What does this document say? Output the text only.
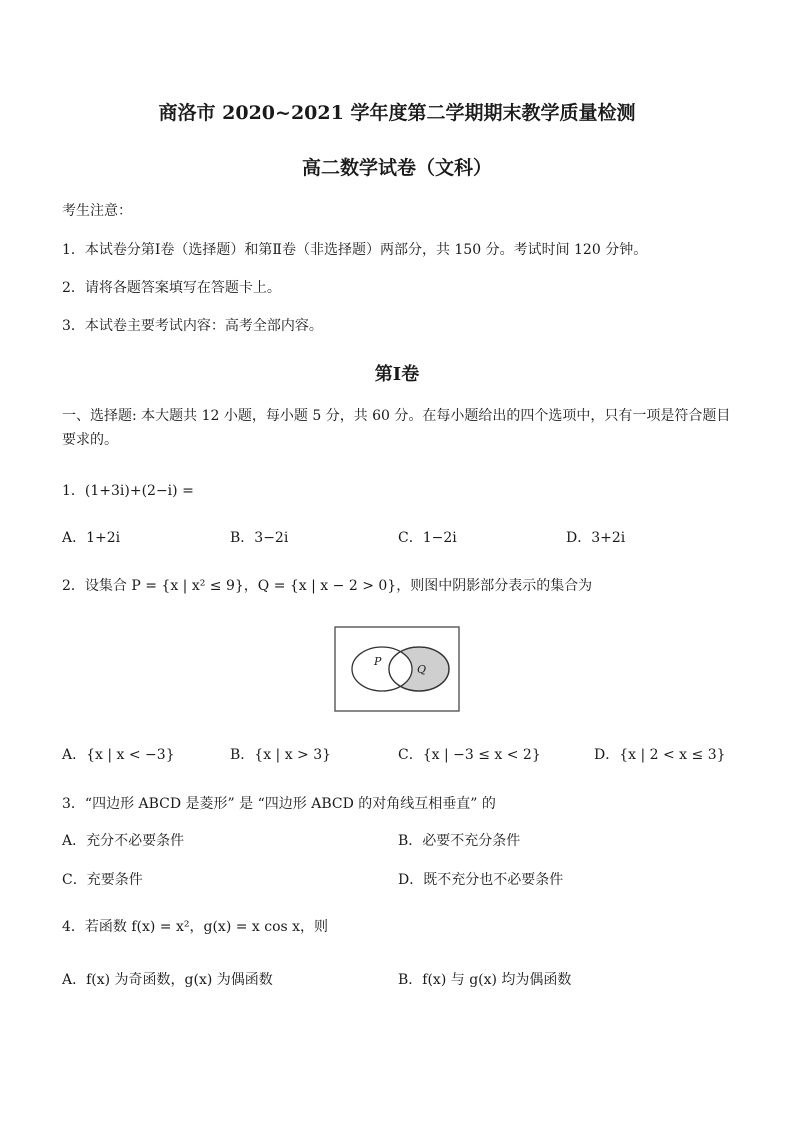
商洛市 2020~2021 学年度第二学期期末教学质量检测
高二数学试卷（文科）
考生注意：
1．本试卷分第Ⅰ卷（选择题）和第Ⅱ卷（非选择题）两部分，共 150 分。考试时间 120 分钟。
2．请将各题答案填写在答题卡上。
3．本试卷主要考试内容：高考全部内容。
第Ⅰ卷
一、选择题: 本大题共 12 小题，每小题 5 分，共 60 分。在每小题给出的四个选项中，只有一项是符合题目要求的。
1．(1+3i)+(2−i) =
A．1+2i	B．3−2i	C．1−2i	D．3+2i
2．设集合 P = {x | x² ≤ 9}，Q = {x | x − 2 > 0}，则图中阴影部分表示的集合为
P
Q
A．{x | x < −3}	B．{x | x > 3}	C．{x | −3 ≤ x < 2}	D．{x | 2 < x ≤ 3}
3．“四边形 ABCD 是菱形” 是 “四边形 ABCD 的对角线互相垂直” 的
A．充分不必要条件	B．必要不充分条件
C．充要条件	D．既不充分也不必要条件
4．若函数 f(x) = x²，g(x) = x cos x，则
A．f(x) 为奇函数，g(x) 为偶函数	B．f(x) 与 g(x) 均为偶函数
